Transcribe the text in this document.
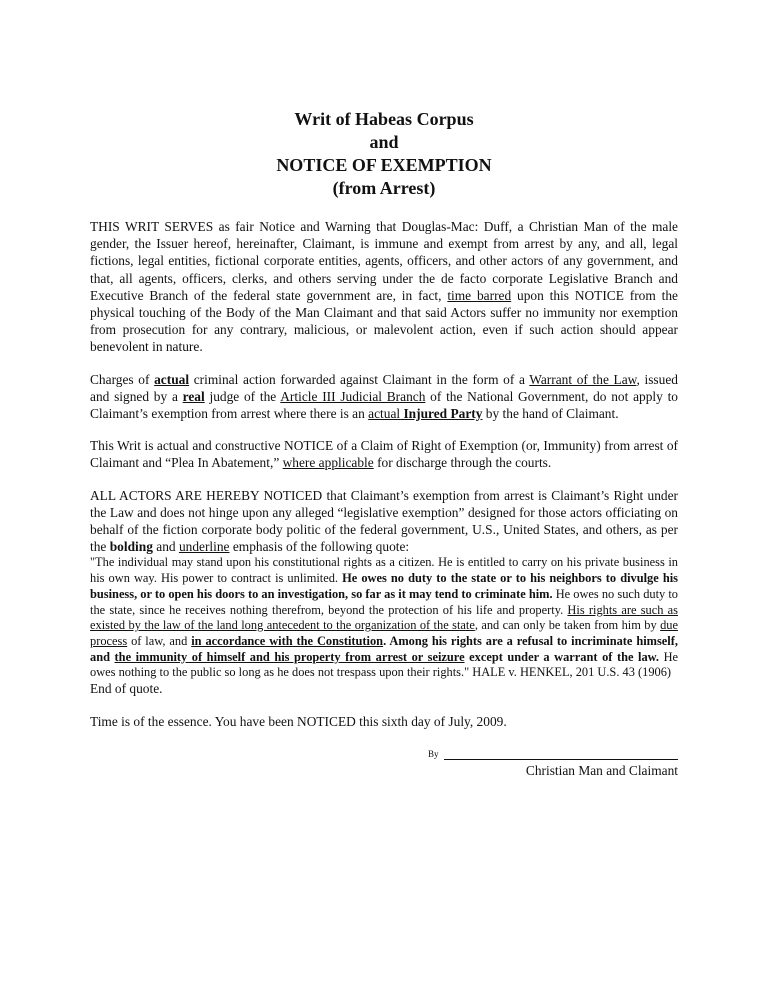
Writ of Habeas Corpus
and
NOTICE OF EXEMPTION
(from Arrest)

THIS WRIT SERVES as fair Notice and Warning that Douglas-Mac: Duff, a Christian Man of the male gender, the Issuer hereof, hereinafter, Claimant, is immune and exempt from arrest by any, and all, legal fictions, legal entities, fictional corporate entities, agents, officers, and other actors of any government, and that, all agents, officers, clerks, and others serving under the de facto corporate Legislative Branch and Executive Branch of the federal state government are, in fact, time barred upon this NOTICE from the physical touching of the Body of the Man Claimant and that said Actors suffer no immunity nor exemption from prosecution for any contrary, malicious, or malevolent action, even if such action should appear benevolent in nature.

Charges of actual criminal action forwarded against Claimant in the form of a Warrant of the Law, issued and signed by a real judge of the Article III Judicial Branch of the National Government, do not apply to Claimant’s exemption from arrest where there is an actual Injured Party by the hand of Claimant.

This Writ is actual and constructive NOTICE of a Claim of Right of Exemption (or, Immunity) from arrest of Claimant and “Plea In Abatement,” where applicable for discharge through the courts.

ALL ACTORS ARE HEREBY NOTICED that Claimant’s exemption from arrest is Claimant’s Right under the Law and does not hinge upon any alleged “legislative exemption” designed for those actors officiating on behalf of the fiction corporate body politic of the federal government, U.S., United States, and others, as per the bolding and underline emphasis of the following quote:

"The individual may stand upon his constitutional rights as a citizen. He is entitled to carry on his private business in his own way. His power to contract is unlimited. He owes no duty to the state or to his neighbors to divulge his business, or to open his doors to an investigation, so far as it may tend to criminate him. He owes no such duty to the state, since he receives nothing therefrom, beyond the protection of his life and property. His rights are such as existed by the law of the land long antecedent to the organization of the state, and can only be taken from him by due process of law, and in accordance with the Constitution. Among his rights are a refusal to incriminate himself, and the immunity of himself and his property from arrest or seizure except under a warrant of the law. He owes nothing to the public so long as he does not trespass upon their rights." HALE v. HENKEL, 201 U.S. 43 (1906)
End of quote.

Time is of the essence. You have been NOTICED this sixth day of July, 2009.

By
Christian Man and Claimant
